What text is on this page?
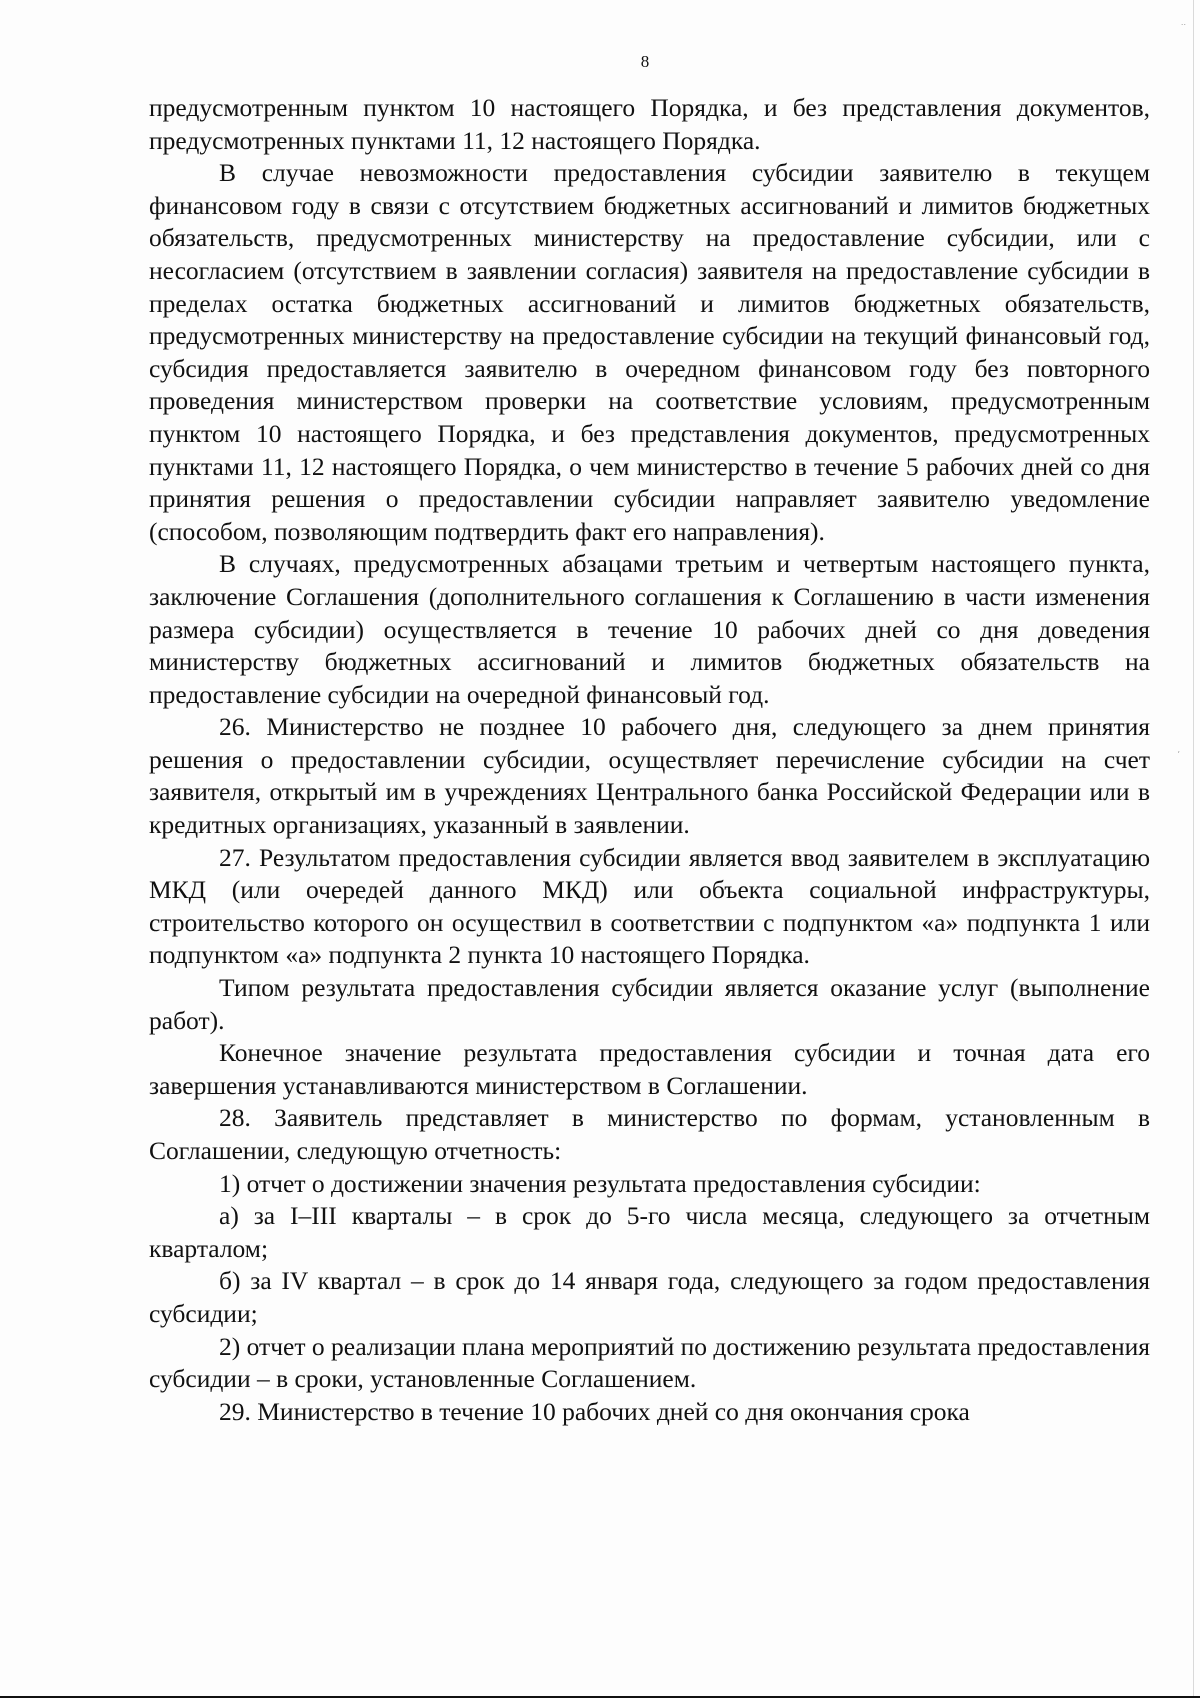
..
,
8

предусмотренным пунктом 10 настоящего Порядка, и без представления документов, предусмотренных пунктами 11, 12 настоящего Порядка.

В случае невозможности предоставления субсидии заявителю в текущем финансовом году в связи с отсутствием бюджетных ассигнований и лимитов бюджетных обязательств, предусмотренных министерству на предоставление субсидии, или с несогласием (отсутствием в заявлении согласия) заявителя на предоставление субсидии в пределах остатка бюджетных ассигнований и лимитов бюджетных обязательств, предусмотренных министерству на предоставление субсидии на текущий финансовый год, субсидия предоставляется заявителю в очередном финансовом году без повторного проведения министерством проверки на соответствие условиям, предусмотренным пунктом 10 настоящего Порядка, и без представления документов, предусмотренных пунктами 11, 12 настоящего Порядка, о чем министерство в течение 5 рабочих дней со дня принятия решения о предоставлении субсидии направляет заявителю уведомление (способом, позволяющим подтвердить факт его направления).

В случаях, предусмотренных абзацами третьим и четвертым настоящего пункта, заключение Соглашения (дополнительного соглашения к Соглашению в части изменения размера субсидии) осуществляется в течение 10 рабочих дней со дня доведения министерству бюджетных ассигнований и лимитов бюджетных обязательств на предоставление субсидии на очередной финансовый год.

26. Министерство не позднее 10 рабочего дня, следующего за днем принятия решения о предоставлении субсидии, осуществляет перечисление субсидии на счет заявителя, открытый им в учреждениях Центрального банка Российской Федерации или в кредитных организациях, указанный в заявлении.

27. Результатом предоставления субсидии является ввод заявителем в эксплуатацию МКД (или очередей данного МКД) или объекта социальной инфраструктуры, строительство которого он осуществил в соответствии с подпунктом «а» подпункта 1 или подпунктом «а» подпункта 2 пункта 10 настоящего Порядка.

Типом результата предоставления субсидии является оказание услуг (выполнение работ).

Конечное значение результата предоставления субсидии и точная дата его завершения устанавливаются министерством в Соглашении.

28. Заявитель представляет в министерство по формам, установленным в Соглашении, следующую отчетность:

1) отчет о достижении значения результата предоставления субсидии:

а) за I–III кварталы – в срок до 5-го числа месяца, следующего за отчетным кварталом;

б) за IV квартал – в срок до 14 января года, следующего за годом предоставления субсидии;

2) отчет о реализации плана мероприятий по достижению результата предоставления субсидии – в сроки, установленные Соглашением.

29. Министерство в течение 10 рабочих дней со дня окончания срока
